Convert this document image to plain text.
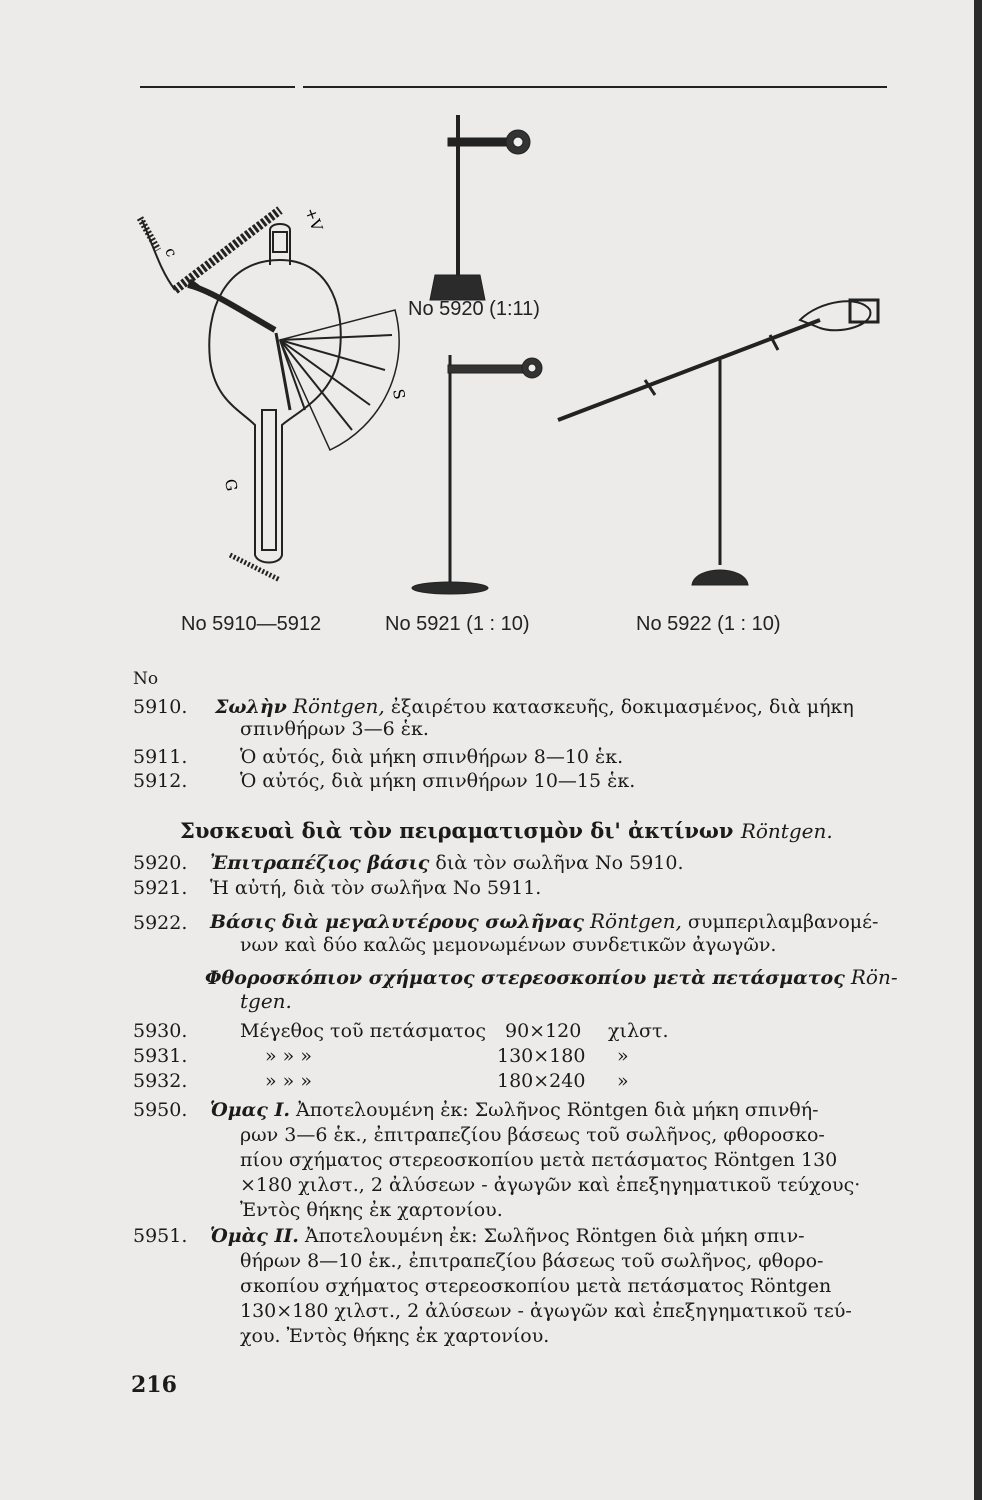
+V
c
S
G
No 5920 (1:11)
No 5910—5912	No 5921 (1 : 10)	No 5922 (1 : 10)
No
5910. Σωλὴν Röntgen, ἐξαιρέτου κατασκευῆς, δοκιμασμένος, διὰ μήκη
σπινθήρων 3—6 ἑκ.
5911.	Ὁ αὐτός, διὰ μήκη σπινθήρων 8—10 ἑκ.
5912.	Ὁ αὐτός, διὰ μήκη σπινθήρων 10—15 ἑκ.
Συσκευαὶ διὰ τὸν πειραματισμὸν δι' ἀκτίνων Röntgen.
5920. Ἐπιτραπέζιος βάσις διὰ τὸν σωλῆνα No 5910.
5921. Ἡ αὐτή, διὰ τὸν σωλῆνα No 5911.
5922. Βάσις διὰ μεγαλυτέρους σωλῆνας Röntgen, συμπεριλαμβανομέ-
νων καὶ δύο καλῶς μεμονωμένων συνδετικῶν ἀγωγῶν.
Φθοροσκόπιον σχήματος στερεοσκοπίου μετὰ πετάσματος Rön-
tgen.
5930.	Μέγεθος τοῦ πετάσματος 90×120 χιλστ.
5931.	» » »	130×180 »
5932.	» » »	180×240 »
5950. Ὁμας I. Ἀποτελουμένη ἐκ: Σωλῆνος Röntgen διὰ μήκη σπινθή-
ρων 3—6 ἑκ., ἐπιτραπεζίου βάσεως τοῦ σωλῆνος, φθοροσκο-
πίου σχήματος στερεοσκοπίου μετὰ πετάσματος Röntgen 130
×180 χιλστ., 2 ἀλύσεων - ἀγωγῶν καὶ ἐπεξηγηματικοῦ τεύχους·
Ἐντὸς θήκης ἐκ χαρτονίου.
5951. Ὁμὰς II. Ἀποτελουμένη ἐκ: Σωλῆνος Röntgen διὰ μήκη σπιν-
θήρων 8—10 ἑκ., ἐπιτραπεζίου βάσεως τοῦ σωλῆνος, φθορο-
σκοπίου σχήματος στερεοσκοπίου μετὰ πετάσματος Röntgen
130×180 χιλστ., 2 ἀλύσεων - ἀγωγῶν καὶ ἐπεξηγηματικοῦ τεύ-
χου. Ἐντὸς θήκης ἐκ χαρτονίου.
216
